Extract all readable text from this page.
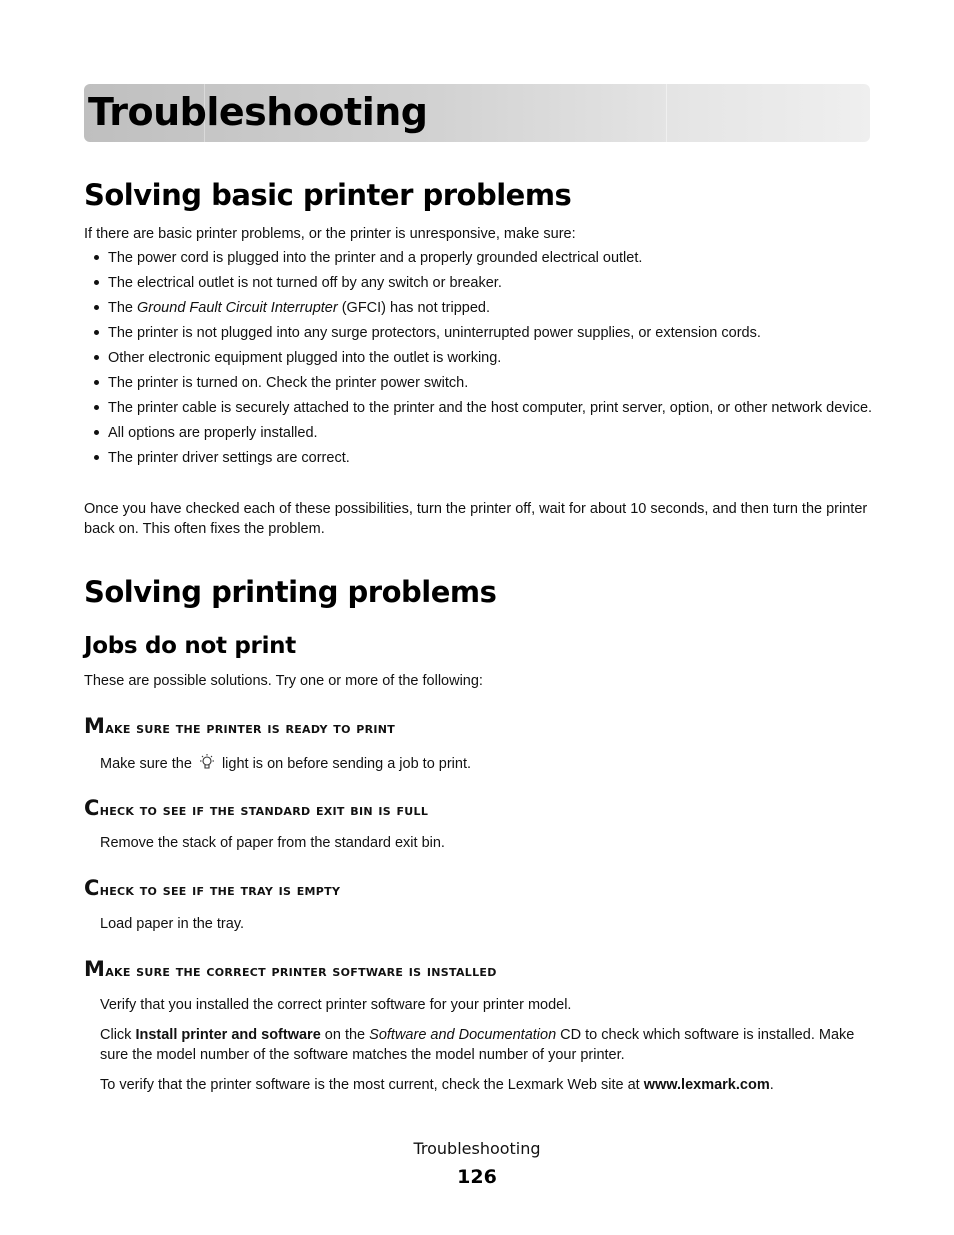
Troubleshooting
Solving basic printer problems
If there are basic printer problems, or the printer is unresponsive, make sure:
The power cord is plugged into the printer and a properly grounded electrical outlet.
The electrical outlet is not turned off by any switch or breaker.
The Ground Fault Circuit Interrupter (GFCI) has not tripped.
The printer is not plugged into any surge protectors, uninterrupted power supplies, or extension cords.
Other electronic equipment plugged into the outlet is working.
The printer is turned on. Check the printer power switch.
The printer cable is securely attached to the printer and the host computer, print server, option, or other network device.
All options are properly installed.
The printer driver settings are correct.
Once you have checked each of these possibilities, turn the printer off, wait for about 10 seconds, and then turn the printer back on. This often fixes the problem.
Solving printing problems
Jobs do not print
These are possible solutions. Try one or more of the following:
Make sure the printer is ready to print
Make sure the  light is on before sending a job to print.
Check to see if the standard exit bin is full
Remove the stack of paper from the standard exit bin.
Check to see if the tray is empty
Load paper in the tray.
Make sure the correct printer software is installed
Verify that you installed the correct printer software for your printer model.
Click Install printer and software on the Software and Documentation CD to check which software is installed. Make sure the model number of the software matches the model number of your printer.
To verify that the printer software is the most current, check the Lexmark Web site at www.lexmark.com.
Troubleshooting
126
